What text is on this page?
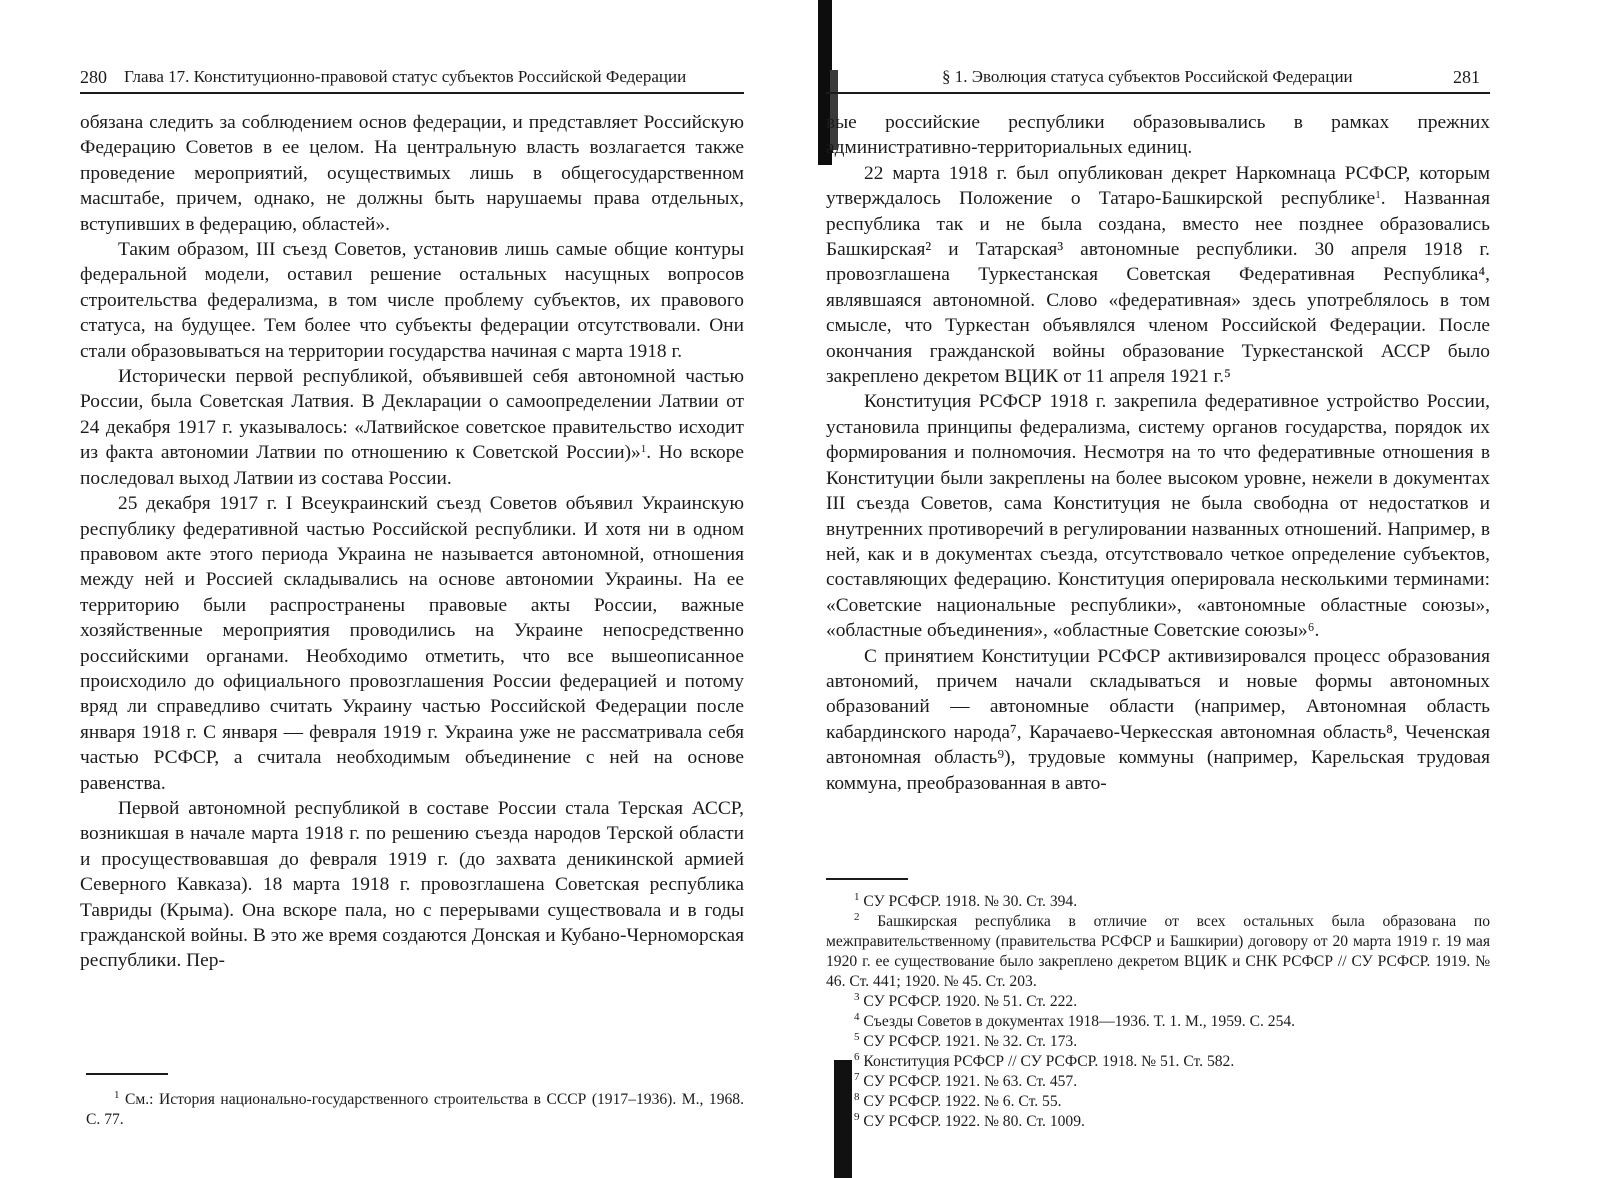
280 Глава 17. Конституционно-правовой статус субъектов Российской Федерации

обязана следить за соблюдением основ федерации, и представляет Российскую Федерацию Советов в ее целом. На центральную власть возлагается также проведение мероприятий, осуществимых лишь в общегосударственном масштабе, причем, однако, не должны быть нарушаемы права отдельных, вступивших в федерацию, областей».

Таким образом, III съезд Советов, установив лишь самые общие контуры федеральной модели, оставил решение остальных насущных вопросов строительства федерализма, в том числе проблему субъектов, их правового статуса, на будущее. Тем более что субъекты федерации отсутствовали. Они стали образовываться на территории государства начиная с марта 1918 г.

Исторически первой республикой, объявившей себя автономной частью России, была Советская Латвия. В Декларации о самоопределении Латвии от 24 декабря 1917 г. указывалось: «Латвийское советское правительство исходит из факта автономии Латвии по отношению к Советской России)»$^1$. Но вскоре последовал выход Латвии из состава России.

25 декабря 1917 г. I Всеукраинский съезд Советов объявил Украинскую республику федеративной частью Российской республики. И хотя ни в одном правовом акте этого периода Украина не называется автономной, отношения между ней и Россией складывались на основе автономии Украины. На ее территорию были распространены правовые акты России, важные хозяйственные мероприятия проводились на Украине непосредственно российскими органами. Необходимо отметить, что все вышеописанное происходило до официального провозглашения России федерацией и потому вряд ли справедливо считать Украину частью Российской Федерации после января 1918 г. С января — февраля 1919 г. Украина уже не рассматривала себя частью РСФСР, а считала необходимым объединение с ней на основе равенства.

Первой автономной республикой в составе России стала Терская АССР, возникшая в начале марта 1918 г. по решению съезда народов Терской области и просуществовавшая до февраля 1919 г. (до захвата деникинской армией Северного Кавказа). 18 марта 1918 г. провозглашена Советская республика Тавриды (Крыма). Она вскоре пала, но с перерывами существовала и в годы гражданской войны. В это же время создаются Донская и Кубано-Черноморская республики. Пер-

$^1$ См.: История национально-государственного строительства в СССР (1917–1936). М., 1968. С. 77.

§ 1. Эволюция статуса субъектов Российской Федерации	281

вые российские республики образовывались в рамках прежних административно-территориальных единиц.

22 марта 1918 г. был опубликован декрет Наркомнаца РСФСР, которым утверждалось Положение о Татаро-Башкирской республике$^1$. Названная республика так и не была создана, вместо нее позднее образовались Башкирская² и Татарская³ автономные республики. 30 апреля 1918 г. провозглашена Туркестанская Советская Федеративная Республика⁴, являвшаяся автономной. Слово «федеративная» здесь употреблялось в том смысле, что Туркестан объявлялся членом Российской Федерации. После окончания гражданской войны образование Туркестанской АССР было закреплено декретом ВЦИК от 11 апреля 1921 г.⁵

Конституция РСФСР 1918 г. закрепила федеративное устройство России, установила принципы федерализма, систему органов государства, порядок их формирования и полномочия. Несмотря на то что федеративные отношения в Конституции были закреплены на более высоком уровне, нежели в документах III съезда Советов, сама Конституция не была свободна от недостатков и внутренних противоречий в регулировании названных отношений. Например, в ней, как и в документах съезда, отсутствовало четкое определение субъектов, составляющих федерацию. Конституция оперировала несколькими терминами: «Советские национальные республики», «автономные областные союзы», «областные объединения», «областные Советские союзы»⁶.

С принятием Конституции РСФСР активизировался процесс образования автономий, причем начали складываться и новые формы автономных образований — автономные области (например, Автономная область кабардинского народа⁷, Карачаево-Черкесская автономная область⁸, Чеченская автономная область⁹), трудовые коммуны (например, Карельская трудовая коммуна, преобразованная в авто-

$^1$ СУ РСФСР. 1918. № 30. Ст. 394.

$^2$ Башкирская республика в отличие от всех остальных была образована по межправительственному (правительства РСФСР и Башкирии) договору от 20 марта 1919 г. 19 мая 1920 г. ее существование было закреплено декретом ВЦИК и СНК РСФСР // СУ РСФСР. 1919. № 46. Ст. 441; 1920. № 45. Ст. 203.

$^3$ СУ РСФСР. 1920. № 51. Ст. 222.

$^4$ Съезды Советов в документах 1918—1936. Т. 1. М., 1959. С. 254.

$^5$ СУ РСФСР. 1921. № 32. Ст. 173.

$^6$ Конституция РСФСР // СУ РСФСР. 1918. № 51. Ст. 582.

$^7$ СУ РСФСР. 1921. № 63. Ст. 457.

$^8$ СУ РСФСР. 1922. № 6. Ст. 55.

$^9$ СУ РСФСР. 1922. № 80. Ст. 1009.
